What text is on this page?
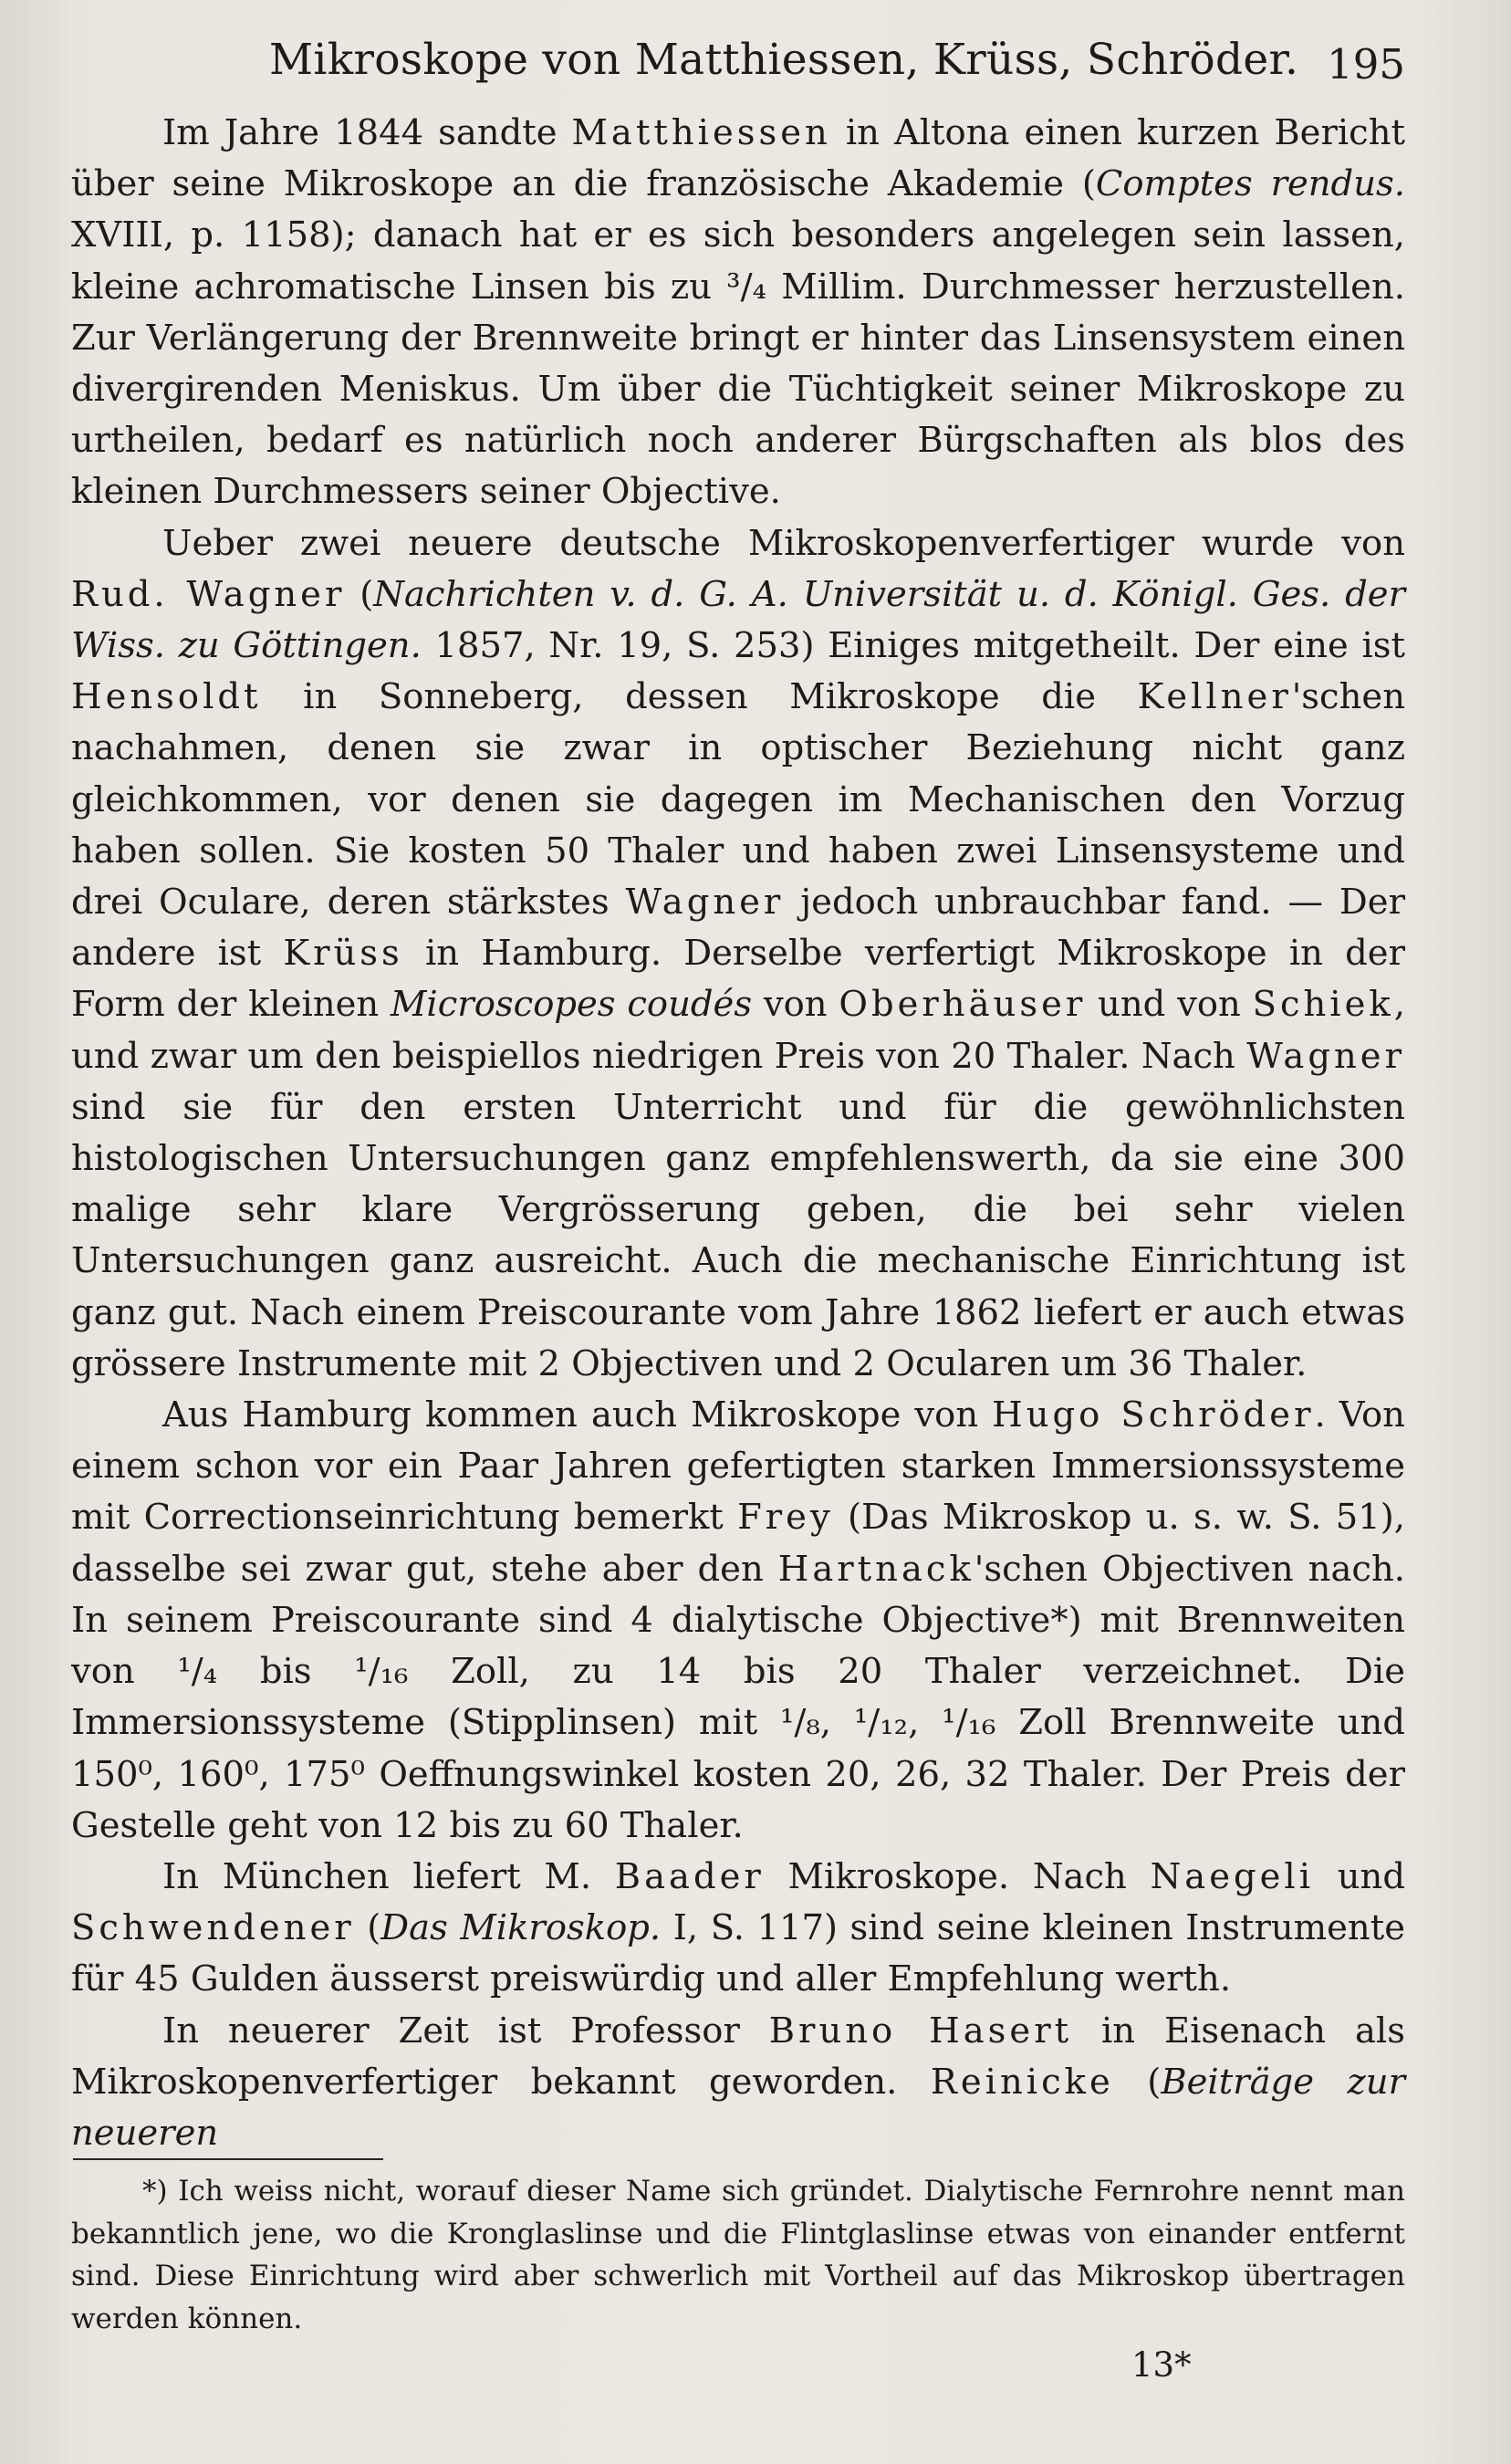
Mikroskope von Matthiessen, Krüss, Schröder. 195

Im Jahre 1844 sandte Matthiessen in Altona einen kurzen Bericht über seine Mikroskope an die französische Akademie (Comptes rendus. XVIII, p. 1158); danach hat er es sich besonders angelegen sein lassen, kleine achromatische Linsen bis zu ³/₄ Millim. Durchmesser herzustellen. Zur Verlängerung der Brennweite bringt er hinter das Linsensystem einen divergirenden Meniskus. Um über die Tüchtigkeit seiner Mikroskope zu urtheilen, bedarf es natürlich noch anderer Bürgschaften als blos des kleinen Durchmessers seiner Objective.

Ueber zwei neuere deutsche Mikroskopenverfertiger wurde von Rud. Wagner (Nachrichten v. d. G. A. Universität u. d. Königl. Ges. der Wiss. zu Göttingen. 1857, Nr. 19, S. 253) Einiges mitgetheilt. Der eine ist Hensoldt in Sonneberg, dessen Mikroskope die Kellner'schen nachahmen, denen sie zwar in optischer Beziehung nicht ganz gleichkommen, vor denen sie dagegen im Mechanischen den Vorzug haben sollen. Sie kosten 50 Thaler und haben zwei Linsensysteme und drei Oculare, deren stärkstes Wagner jedoch unbrauchbar fand. — Der andere ist Krüss in Hamburg. Derselbe verfertigt Mikroskope in der Form der kleinen Microscopes coudés von Oberhäuser und von Schiek, und zwar um den beispiellos niedrigen Preis von 20 Thaler. Nach Wagner sind sie für den ersten Unterricht und für die gewöhnlichsten histologischen Untersuchungen ganz empfehlenswerth, da sie eine 300 malige sehr klare Vergrösserung geben, die bei sehr vielen Untersuchungen ganz ausreicht. Auch die mechanische Einrichtung ist ganz gut. Nach einem Preiscourante vom Jahre 1862 liefert er auch etwas grössere Instrumente mit 2 Objectiven und 2 Ocularen um 36 Thaler.

Aus Hamburg kommen auch Mikroskope von Hugo Schröder. Von einem schon vor ein Paar Jahren gefertigten starken Immersionssysteme mit Correctionseinrichtung bemerkt Frey (Das Mikroskop u. s. w. S. 51), dasselbe sei zwar gut, stehe aber den Hartnack'schen Objectiven nach. In seinem Preiscourante sind 4 dialytische Objective*) mit Brennweiten von ¹/₄ bis ¹/₁₆ Zoll, zu 14 bis 20 Thaler verzeichnet. Die Immersionssysteme (Stipplinsen) mit ¹/₈, ¹/₁₂, ¹/₁₆ Zoll Brennweite und 150⁰, 160⁰, 175⁰ Oeffnungswinkel kosten 20, 26, 32 Thaler. Der Preis der Gestelle geht von 12 bis zu 60 Thaler.

In München liefert M. Baader Mikroskope. Nach Naegeli und Schwendener (Das Mikroskop. I, S. 117) sind seine kleinen Instrumente für 45 Gulden äusserst preiswürdig und aller Empfehlung werth.

In neuerer Zeit ist Professor Bruno Hasert in Eisenach als Mikroskopenverfertiger bekannt geworden. Reinicke (Beiträge zur neueren

*) Ich weiss nicht, worauf dieser Name sich gründet. Dialytische Fernrohre nennt man bekanntlich jene, wo die Kronglaslinse und die Flintglaslinse etwas von einander entfernt sind. Diese Einrichtung wird aber schwerlich mit Vortheil auf das Mikroskop übertragen werden können.

13*
